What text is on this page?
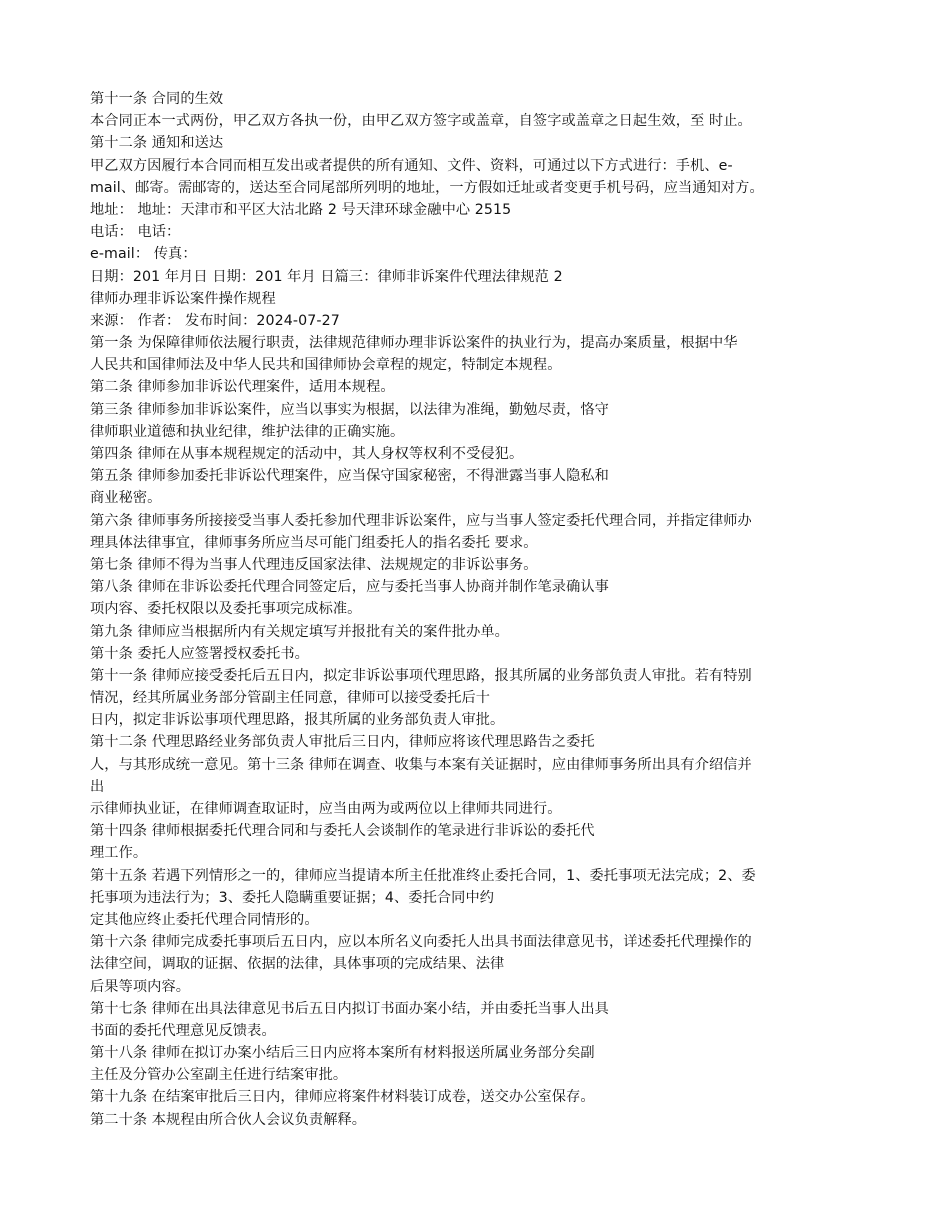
第十一条 合同的生效
本合同正本一式两份，甲乙双方各执一份，由甲乙双方签字或盖章，自签字或盖章之日起生效，至 时止。
第十二条 通知和送达
甲乙双方因履行本合同而相互发出或者提供的所有通知、文件、资料，可通过以下方式进行：手机、e-
mail、邮寄。需邮寄的，送达至合同尾部所列明的地址，一方假如迁址或者变更手机号码，应当通知对方。
地址： 地址：天津市和平区大沽北路 2 号天津环球金融中心 2515
电话： 电话：
e-mail： 传真：
日期：201 年月日 日期：201 年月 日篇三：律师非诉案件代理法律规范 2
律师办理非诉讼案件操作规程
来源： 作者： 发布时间：2024-07-27
第一条 为保障律师依法履行职责，法律规范律师办理非诉讼案件的执业行为，提高办案质量，根据中华
人民共和国律师法及中华人民共和国律师协会章程的规定，特制定本规程。
第二条 律师参加非诉讼代理案件，适用本规程。
第三条 律师参加非诉讼案件，应当以事实为根据，以法律为准绳，勤勉尽责，恪守
律师职业道德和执业纪律，维护法律的正确实施。
第四条 律师在从事本规程规定的活动中，其人身权等权利不受侵犯。
第五条 律师参加委托非诉讼代理案件，应当保守国家秘密，不得泄露当事人隐私和
商业秘密。
第六条 律师事务所接接受当事人委托参加代理非诉讼案件，应与当事人签定委托代理合同，并指定律师办
理具体法律事宜，律师事务所应当尽可能门组委托人的指名委托 要求。
第七条 律师不得为当事人代理违反国家法律、法规规定的非诉讼事务。
第八条 律师在非诉讼委托代理合同签定后，应与委托当事人协商并制作笔录确认事
项内容、委托权限以及委托事项完成标准。
第九条 律师应当根据所内有关规定填写并报批有关的案件批办单。
第十条 委托人应签署授权委托书。
第十一条 律师应接受委托后五日内，拟定非诉讼事项代理思路，报其所属的业务部负责人审批。若有特别
情况，经其所属业务部分管副主任同意，律师可以接受委托后十
日内，拟定非诉讼事项代理思路，报其所属的业务部负责人审批。
第十二条 代理思路经业务部负责人审批后三日内，律师应将该代理思路告之委托
人，与其形成统一意见。第十三条 律师在调查、收集与本案有关证据时，应由律师事务所出具有介绍信并
出
示律师执业证，在律师调查取证时，应当由两为或两位以上律师共同进行。
第十四条 律师根据委托代理合同和与委托人会谈制作的笔录进行非诉讼的委托代
理工作。
第十五条 若遇下列情形之一的，律师应当提请本所主任批准终止委托合同，1、委托事项无法完成；2、委
托事项为违法行为；3、委托人隐瞒重要证据；4、委托合同中约
定其他应终止委托代理合同情形的。
第十六条 律师完成委托事项后五日内，应以本所名义向委托人出具书面法律意见书，详述委托代理操作的
法律空间，调取的证据、依据的法律，具体事项的完成结果、法律
后果等项内容。
第十七条 律师在出具法律意见书后五日内拟订书面办案小结，并由委托当事人出具
书面的委托代理意见反馈表。
第十八条 律师在拟订办案小结后三日内应将本案所有材料报送所属业务部分矣副
主任及分管办公室副主任进行结案审批。
第十九条 在结案审批后三日内，律师应将案件材料装订成卷，送交办公室保存。
第二十条 本规程由所合伙人会议负责解释。
